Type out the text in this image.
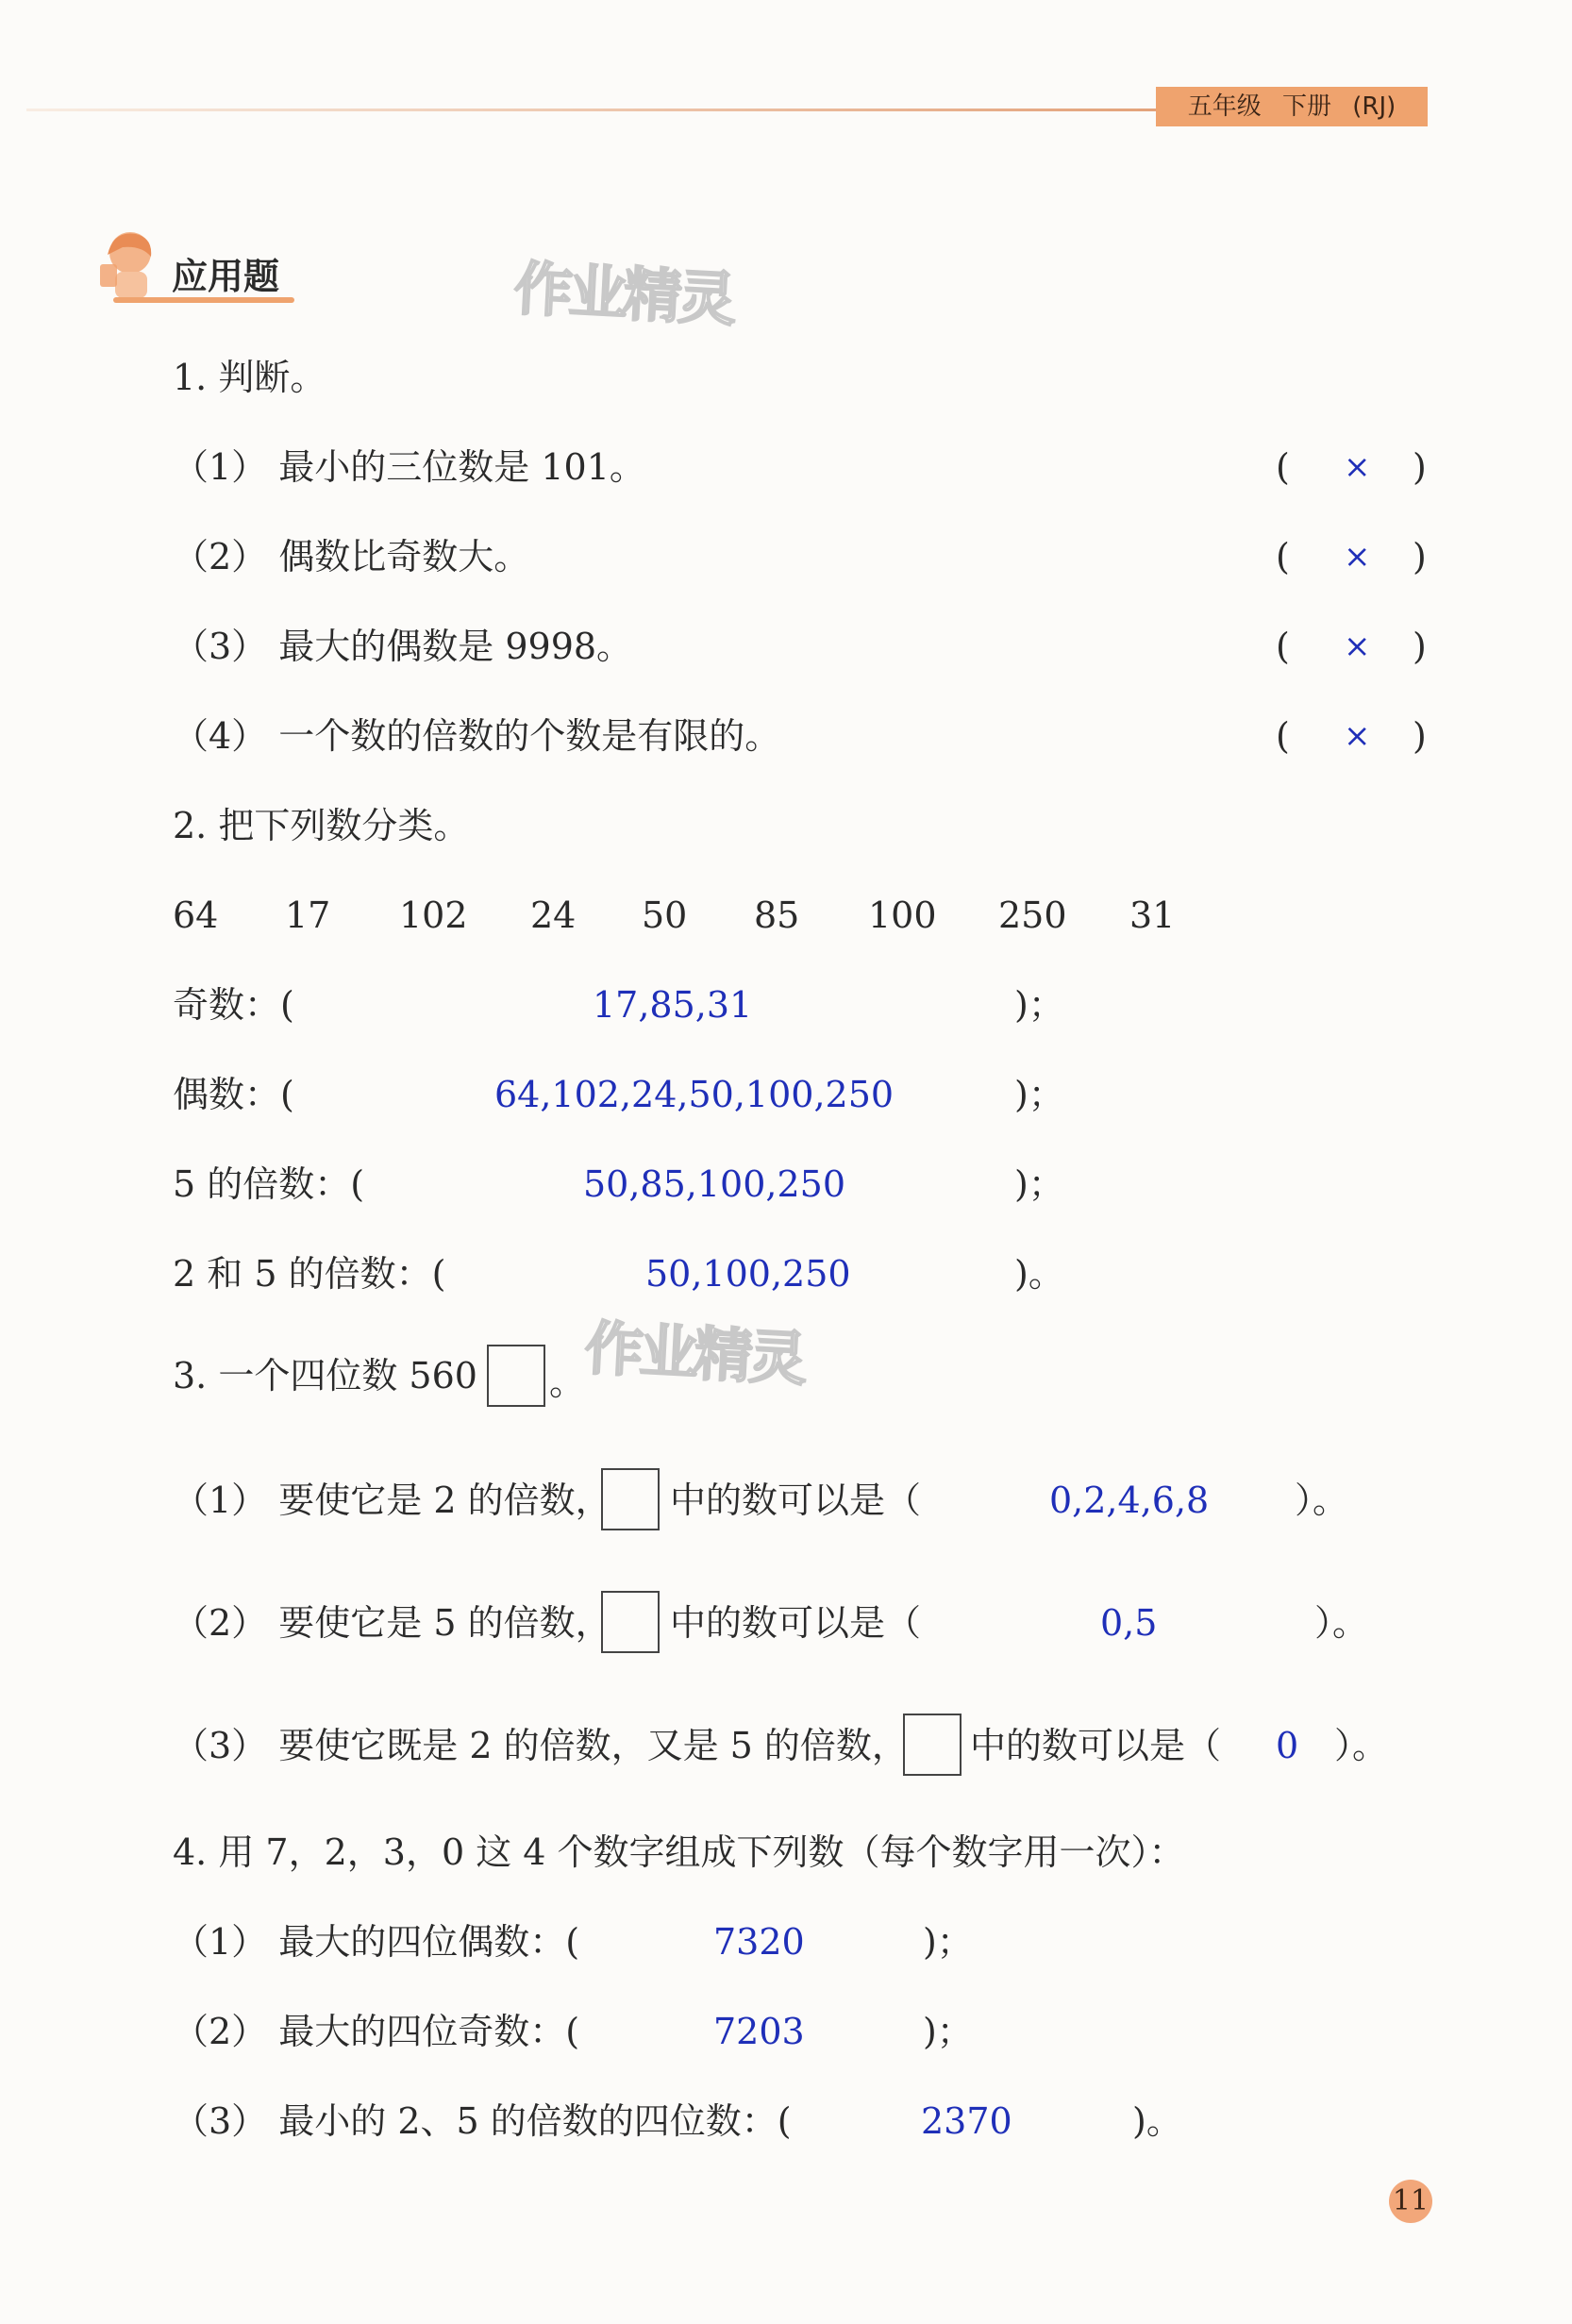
五年级 下册 (RJ)
应用题	作业精灵
1. 判断。
（1） 最小的三位数是 101。	( × )
（2） 偶数比奇数大。	( × )
（3） 最大的偶数是 9998。	( × )
（4） 一个数的倍数的个数是有限的。	( × )
2. 把下列数分类。
64 17 102 24 50 85 100 250 31
奇数：(	17,85,31	)；
偶数：(	64,102,24,50,100,250	)；
5 的倍数：(	50,85,100,250	)；
2 和 5 的倍数：(	50,100,250	)。
3. 一个四位数 560 。
作业精灵
（1） 要使它是 2 的倍数， 中的数可以是（	0,2,4,6,8 ）。
（2） 要使它是 5 的倍数， 中的数可以是（	0,5	）。
（3） 要使它既是 2 的倍数，又是 5 的倍数， 中的数可以是（ 0 ）。
4. 用 7，2，3，0 这 4 个数字组成下列数（每个数字用一次）：
（1） 最大的四位偶数：(	7320	)；
（2） 最大的四位奇数：(	7203	)；
（3） 最小的 2、5 的倍数的四位数：(	2370	)。
11
